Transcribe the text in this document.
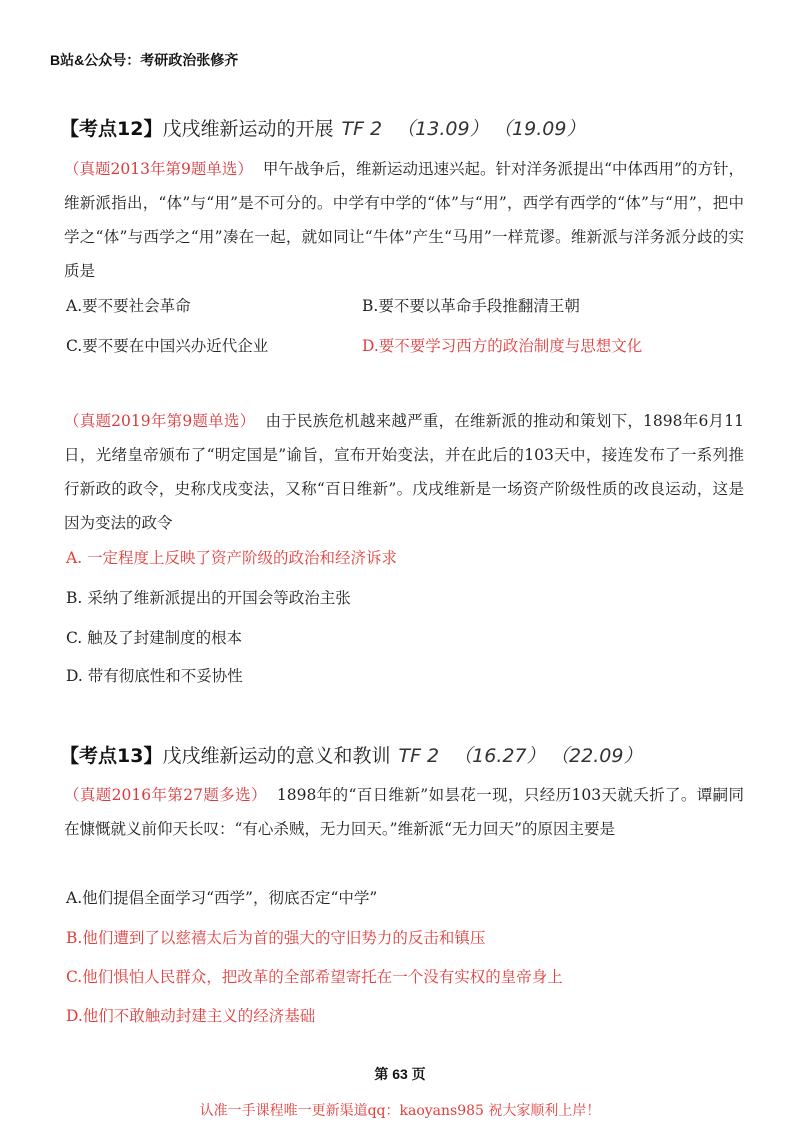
B站&公众号：考研政治张修齐
【考点12】戊戌维新运动的开展 TF 2 （13.09） （19.09）
（真题2013年第9题单选） 甲午战争后，维新运动迅速兴起。针对洋务派提出“中体西用”的方针，维新派指出，“体”与“用”是不可分的。中学有中学的“体”与“用”，西学有西学的“体”与“用”，把中学之“体”与西学之“用”凑在一起，就如同让“牛体”产生“马用”一样荒谬。维新派与洋务派分歧的实质是
A.要不要社会革命	B.要不要以革命手段推翻清王朝
C.要不要在中国兴办近代企业	D.要不要学习西方的政治制度与思想文化
（真题2019年第9题单选） 由于民族危机越来越严重，在维新派的推动和策划下，1898年6月11日，光绪皇帝颁布了“明定国是”谕旨，宣布开始变法，并在此后的103天中，接连发布了一系列推行新政的政令，史称戊戌变法，又称“百日维新”。戊戌维新是一场资产阶级性质的改良运动，这是因为变法的政令
A. 一定程度上反映了资产阶级的政治和经济诉求
B. 采纳了维新派提出的开国会等政治主张
C. 触及了封建制度的根本
D. 带有彻底性和不妥协性
【考点13】戊戌维新运动的意义和教训 TF 2 （16.27） （22.09）
（真题2016年第27题多选） 1898年的“百日维新”如昙花一现，只经历103天就夭折了。谭嗣同在慷慨就义前仰天长叹：“有心杀贼，无力回天。”维新派“无力回天”的原因主要是
A.他们提倡全面学习“西学”，彻底否定“中学”
B.他们遭到了以慈禧太后为首的强大的守旧势力的反击和镇压
C.他们惧怕人民群众，把改革的全部希望寄托在一个没有实权的皇帝身上
D.他们不敢触动封建主义的经济基础
第 63 页
认准一手课程唯一更新渠道qq：kaoyans985 祝大家顺利上岸！
